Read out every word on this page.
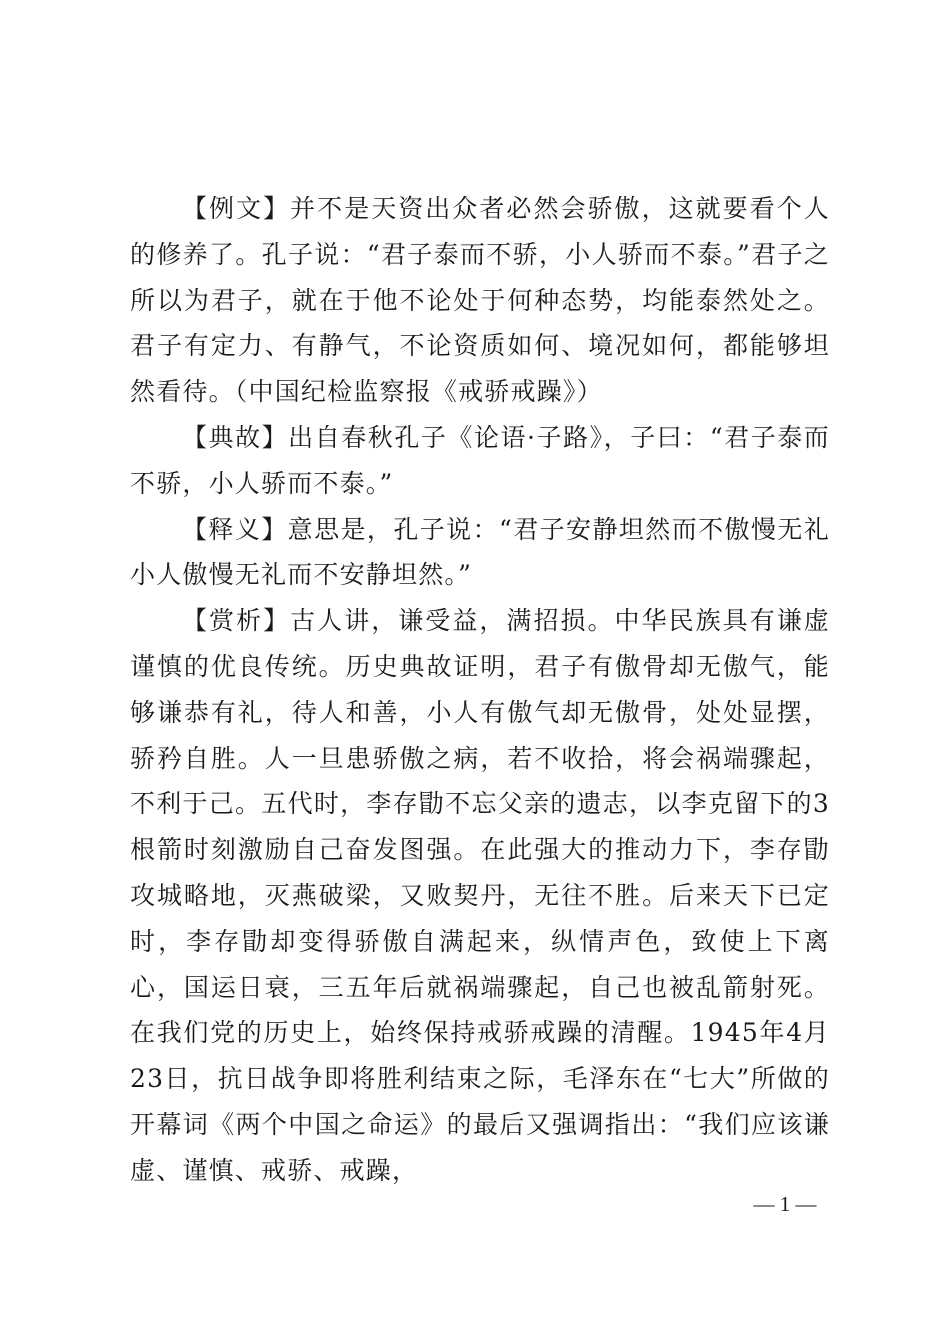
【例文】并不是天资出众者必然会骄傲，这就要看个人的修养了。孔子说：“君子泰而不骄，小人骄而不泰。”君子之所以为君子，就在于他不论处于何种态势，均能泰然处之。君子有定力、有静气，不论资质如何、境况如何，都能够坦然看待。（中国纪检监察报《戒骄戒躁》）

【典故】出自春秋孔子《论语·子路》，子曰：“君子泰而不骄，小人骄而不泰。”

【释义】意思是，孔子说：“君子安静坦然而不傲慢无礼小人傲慢无礼而不安静坦然。”

【赏析】古人讲，谦受益，满招损。中华民族具有谦虚谨慎的优良传统。历史典故证明，君子有傲骨却无傲气，能够谦恭有礼，待人和善，小人有傲气却无傲骨，处处显摆，骄矜自胜。人一旦患骄傲之病，若不收拾，将会祸端骤起，不利于己。五代时，李存勖不忘父亲的遗志，以李克留下的3根箭时刻激励自己奋发图强。在此强大的推动力下，李存勖攻城略地，灭燕破梁，又败契丹，无往不胜。后来天下已定时，李存勖却变得骄傲自满起来，纵情声色，致使上下离心，国运日衰，三五年后就祸端骤起，自己也被乱箭射死。在我们党的历史上，始终保持戒骄戒躁的清醒。1945年4月23日，抗日战争即将胜利结束之际，毛泽东在“七大”所做的开幕词《两个中国之命运》的最后又强调指出：“我们应该谦虚、谨慎、戒骄、戒躁，

— 1 —
